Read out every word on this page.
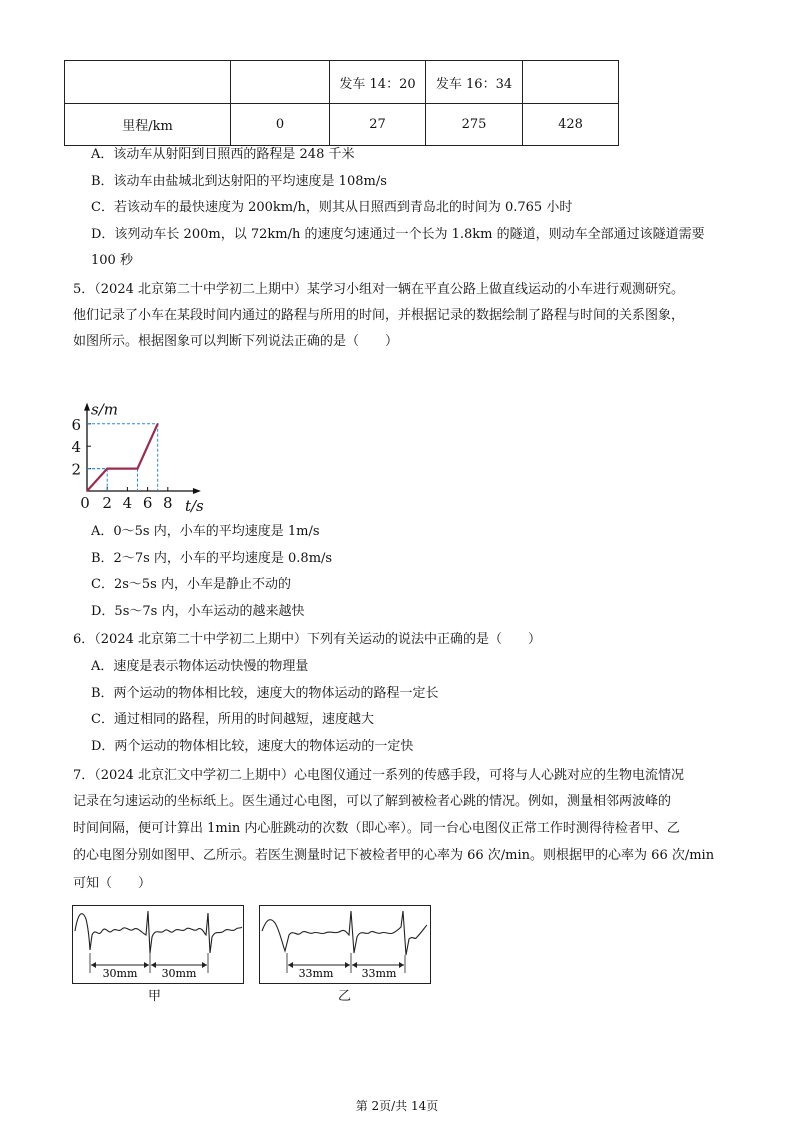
		发车 14：20	发车 16：34	
里程/km	0	27	275	428
A．该动车从射阳到日照西的路程是 248 千米
B．该动车由盐城北到达射阳的平均速度是 108m/s
C．若该动车的最快速度为 200km/h，则其从日照西到青岛北的时间为 0.765 小时
D．该列动车长 200m，以 72km/h 的速度匀速通过一个长为 1.8km 的隧道，则动车全部通过该隧道需要
100 秒
5．（2024 北京第二十中学初二上期中）某学习小组对一辆在平直公路上做直线运动的小车进行观测研究。
他们记录了小车在某段时间内通过的路程与所用的时间，并根据记录的数据绘制了路程与时间的关系图象，
如图所示。根据图象可以判断下列说法正确的是（　　）
0 2 4 6 8
2
4
6
s/m
t/s
A．0～5s 内，小车的平均速度是 1m/s
B．2～7s 内，小车的平均速度是 0.8m/s
C．2s～5s 内，小车是静止不动的
D．5s～7s 内，小车运动的越来越快
6．（2024 北京第二十中学初二上期中）下列有关运动的说法中正确的是（　　）
A．速度是表示物体运动快慢的物理量
B．两个运动的物体相比较，速度大的物体运动的路程一定长
C．通过相同的路程，所用的时间越短，速度越大
D．两个运动的物体相比较，速度大的物体运动的一定快
7．（2024 北京汇文中学初二上期中）心电图仪通过一系列的传感手段，可将与人心跳对应的生物电流情况
记录在匀速运动的坐标纸上。医生通过心电图，可以了解到被检者心跳的情况。例如，测量相邻两波峰的
时间间隔，便可计算出 1min 内心脏跳动的次数（即心率）。同一台心电图仪正常工作时测得待检者甲、乙
的心电图分别如图甲、乙所示。若医生测量时记下被检者甲的心率为 66 次/min。则根据甲的心率为 66 次/min
可知（　　）
30mm 30mm
甲
33mm	33mm
乙
第 2页/共 14页
